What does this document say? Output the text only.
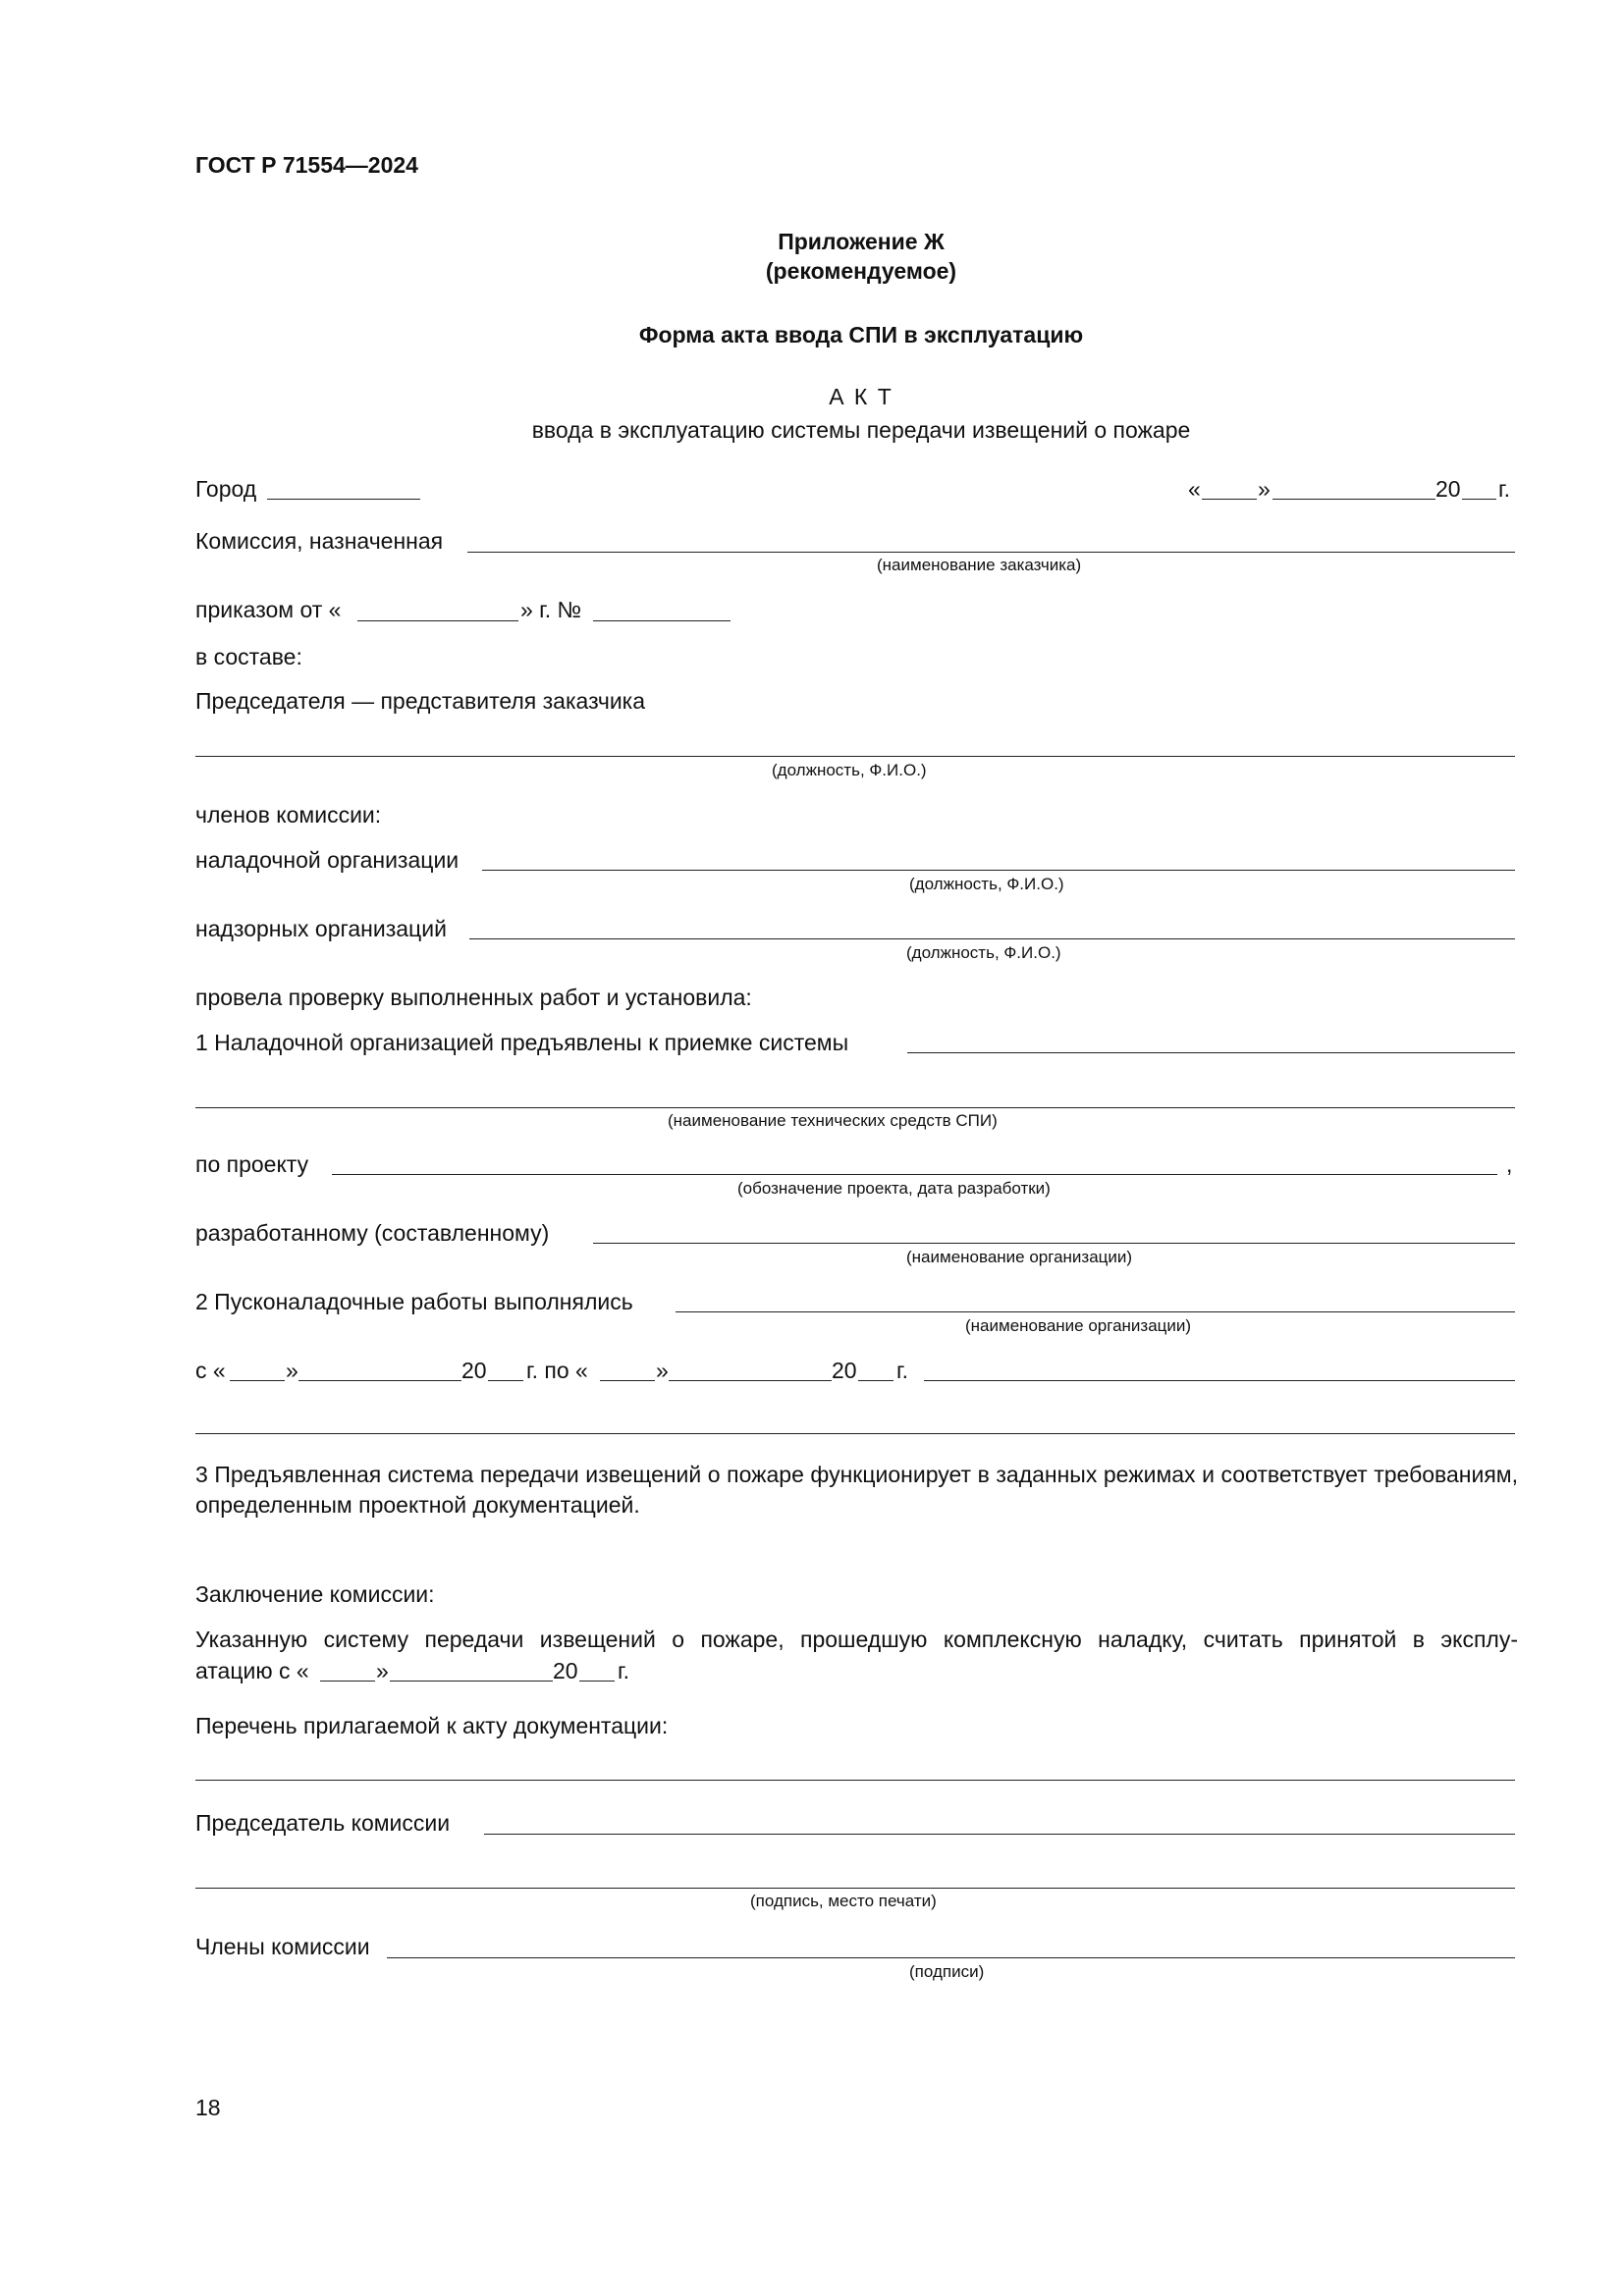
ГОСТ Р 71554—2024
Приложение Ж
(рекомендуемое)
Форма акта ввода СПИ в эксплуатацию
А К Т
ввода в эксплуатацию системы передачи извещений о пожаре
Город	«	»	20 г.
Комиссия, назначенная
(наименование заказчика)
приказом от «	» г. №
в составе:
Председателя — представителя заказчика
(должность, Ф.И.О.)
членов комиссии:
наладочной организации
(должность, Ф.И.О.)
надзорных организаций
(должность, Ф.И.О.)
провела проверку выполненных работ и установила:
1 Наладочной организацией предъявлены к приемке системы
(наименование технических средств СПИ)
по проекту	,
(обозначение проекта, дата разработки)
разработанному (составленному)
(наименование организации)
2 Пусконаладочные работы выполнялись
(наименование организации)
с «	»	20 г. по «	»	20 г.
3 Предъявленная система передачи извещений о пожаре функционирует в заданных режимах и соответствует требованиям, определенным проектной документацией.
Заключение комиссии:
Указанную систему передачи извещений о пожаре, прошедшую комплексную наладку, считать принятой в эксплу-
атацию с «	»	20 г.
Перечень прилагаемой к акту документации:
Председатель комиссии
(подпись, место печати)
Члены комиссии
(подписи)
18
